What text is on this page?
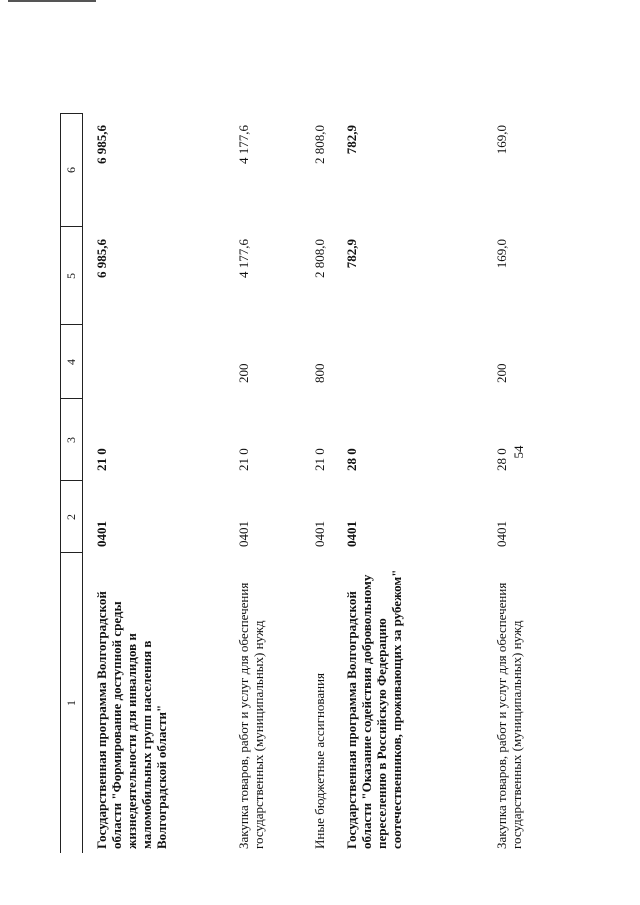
54
1
2
3
4
5
6
Государственная программа Волгоградской области "Формирование доступной среды жизнедеятельности для инвалидов и маломобильных групп населения в Волгоградской области"
0401
21 0
6 985,6
6 985,6
Закупка товаров, работ и услуг для обеспечения государственных (муниципальных) нужд
0401
21 0
200
4 177,6
4 177,6
Иные бюджетные ассигнования
0401
21 0
800
2 808,0
2 808,0
Государственная программа Волгоградской области "Оказание содействия добровольному переселению в Российскую Федерацию соотечественников, проживающих за рубежом"
0401
28 0
782,9
782,9
Закупка товаров, работ и услуг для обеспечения государственных (муниципальных) нужд
0401
28 0
200
169,0
169,0
